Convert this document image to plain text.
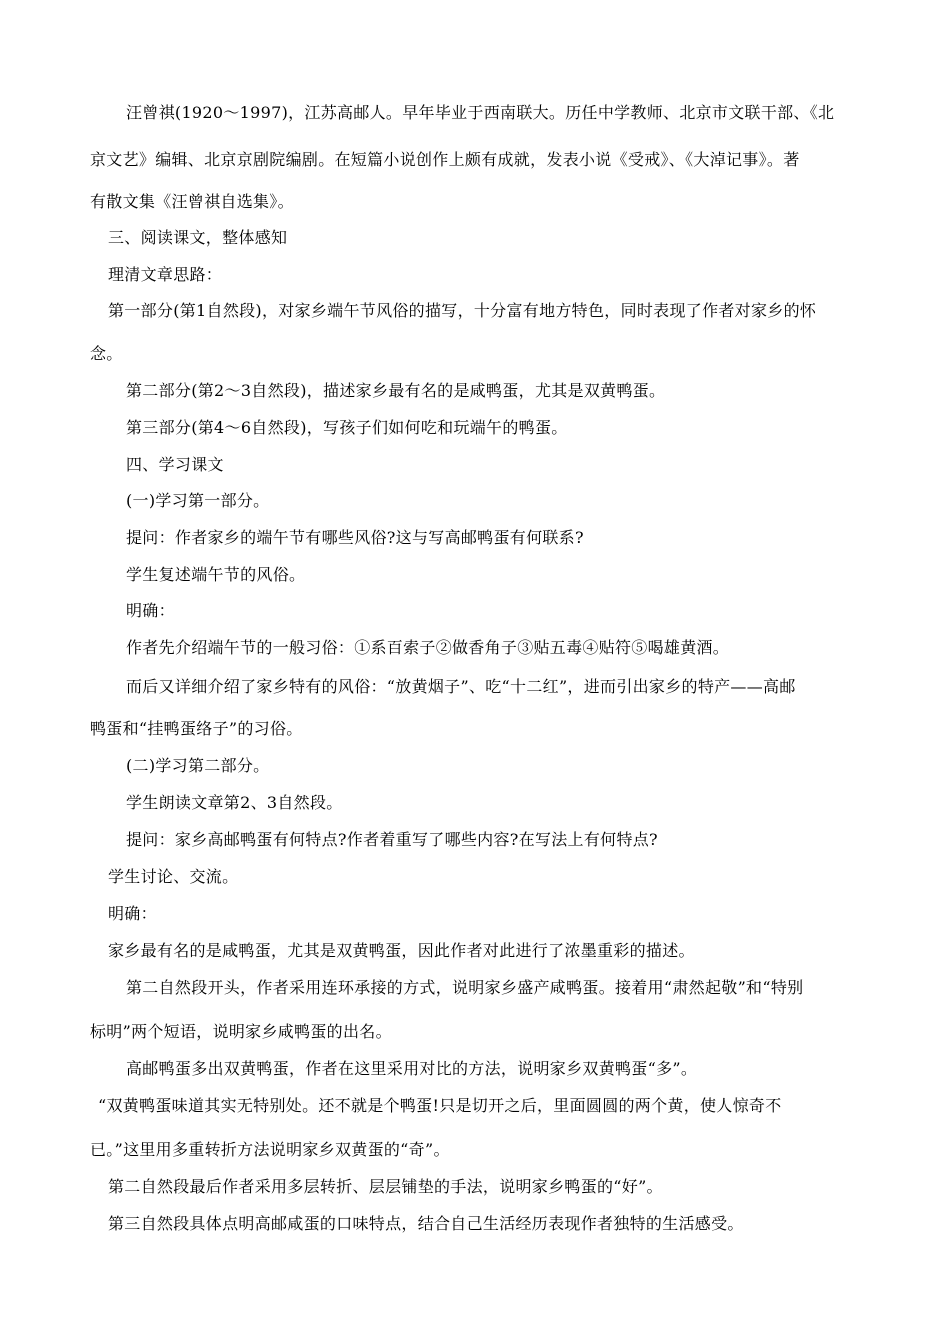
汪曾祺(1920～1997)，江苏高邮人。早年毕业于西南联大。历任中学教师、北京市文联干部、《北
京文艺》编辑、北京京剧院编剧。在短篇小说创作上颇有成就，发表小说《受戒》、《大淖记事》。著
有散文集《汪曾祺自选集》。
三、阅读课文，整体感知
理清文章思路：
第一部分(第1自然段)，对家乡端午节风俗的描写，十分富有地方特色，同时表现了作者对家乡的怀
念。
第二部分(第2～3自然段)，描述家乡最有名的是咸鸭蛋，尤其是双黄鸭蛋。
第三部分(第4～6自然段)，写孩子们如何吃和玩端午的鸭蛋。
四、学习课文
(一)学习第一部分。
提问：作者家乡的端午节有哪些风俗?这与写高邮鸭蛋有何联系?
学生复述端午节的风俗。
明确：
作者先介绍端午节的一般习俗：①系百索子②做香角子③贴五毒④贴符⑤喝雄黄酒。
而后又详细介绍了家乡特有的风俗：“放黄烟子”、吃“十二红”，进而引出家乡的特产——高邮
鸭蛋和“挂鸭蛋络子”的习俗。
(二)学习第二部分。
学生朗读文章第2、3自然段。
提问：家乡高邮鸭蛋有何特点?作者着重写了哪些内容?在写法上有何特点?
学生讨论、交流。
明确：
家乡最有名的是咸鸭蛋，尤其是双黄鸭蛋，因此作者对此进行了浓墨重彩的描述。
第二自然段开头，作者采用连环承接的方式，说明家乡盛产咸鸭蛋。接着用“肃然起敬”和“特别
标明”两个短语，说明家乡咸鸭蛋的出名。
高邮鸭蛋多出双黄鸭蛋，作者在这里采用对比的方法，说明家乡双黄鸭蛋“多”。
“双黄鸭蛋味道其实无特别处。还不就是个鸭蛋!只是切开之后，里面圆圆的两个黄，使人惊奇不
已。”这里用多重转折方法说明家乡双黄蛋的“奇”。
第二自然段最后作者采用多层转折、层层铺垫的手法，说明家乡鸭蛋的“好”。
第三自然段具体点明高邮咸蛋的口味特点，结合自己生活经历表现作者独特的生活感受。
